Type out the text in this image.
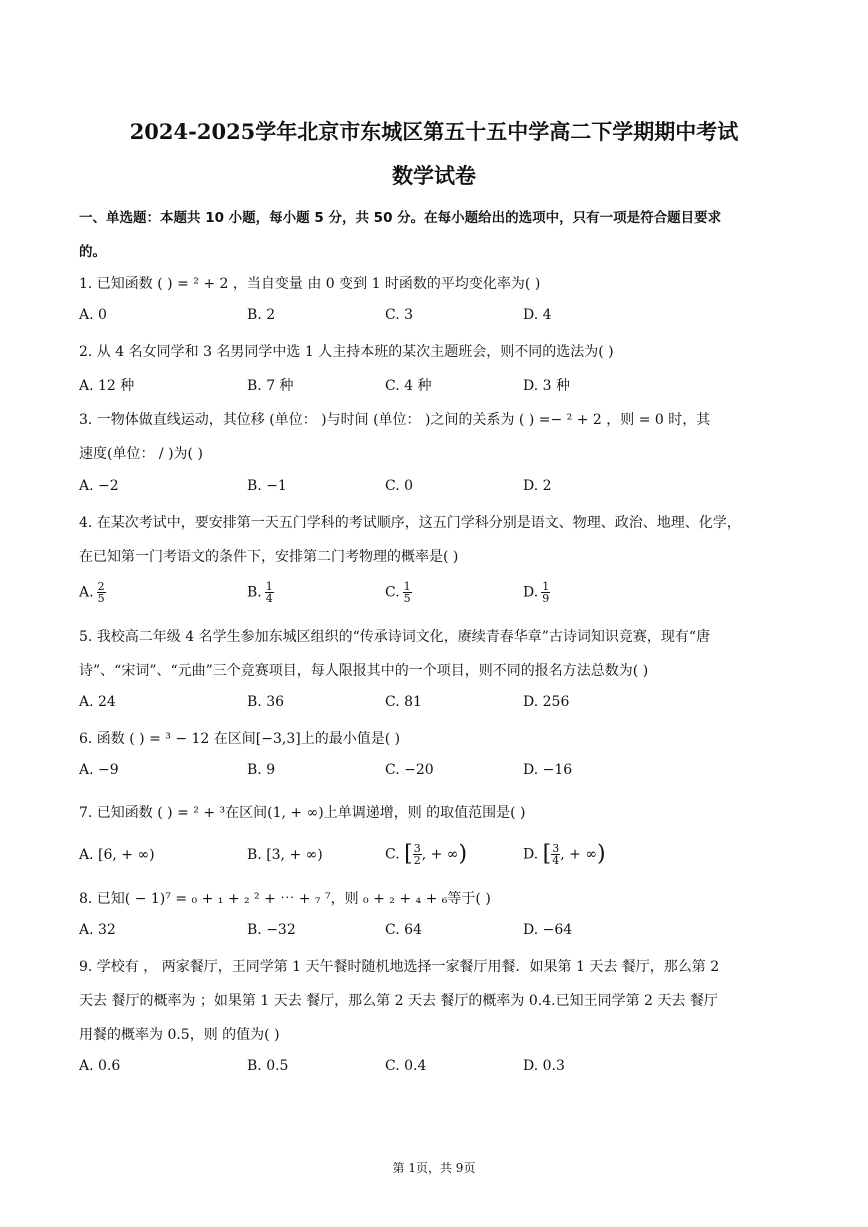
2024-2025学年北京市东城区第五十五中学高二下学期期中考试
数学试卷
一、单选题：本题共 10 小题，每小题 5 分，共 50 分。在每小题给出的选项中，只有一项是符合题目要求
的。
1. 已知函数 ( ) = ² + 2 ，当自变量 由 0 变到 1 时函数的平均变化率为( )
A. 0	B. 2	C. 3	D. 4
2. 从 4 名女同学和 3 名男同学中选 1 人主持本班的某次主题班会，则不同的选法为( )
A. 12 种	B. 7 种	C. 4 种	D. 3 种
3. 一物体做直线运动，其位移 (单位： )与时间 (单位： )之间的关系为 ( ) =− ² + 2 ，则 = 0 时，其
速度(单位： / )为( )
A. −2	B. −1	C. 0	D. 2
4. 在某次考试中，要安排第一天五门学科的考试顺序，这五门学科分别是语文、物理、政治、地理、化学，
在已知第一门考语文的条件下，安排第二门考物理的概率是( )
A. $\frac{2}{5}$	B. $\frac{1}{4}$	C. $\frac{1}{5}$	D. $\frac{1}{9}$
5. 我校高二年级 4 名学生参加东城区组织的“传承诗词文化，赓续青春华章”古诗词知识竞赛，现有“唐
诗”、“宋词”、“元曲”三个竞赛项目，每人限报其中的一个项目，则不同的报名方法总数为( )
A. 24	B. 36	C. 81	D. 256
6. 函数 ( ) = ³ − 12 在区间[−3,3]上的最小值是( )
A. −9	B. 9	C. −20	D. −16
7. 已知函数 ( ) = ² + ³在区间(1, + ∞)上单调递增，则 的取值范围是( )
A. [6, + ∞)	B. [3, + ∞)	C. [ $\frac{3}{2}$ , + ∞)	D. [ $\frac{3}{4}$ , + ∞)
8. 已知( − 1)⁷ = ₀ + ₁ + ₂ ² + ⋯ + ₇ ⁷，则 ₀ + ₂ + ₄ + ₆等于( )
A. 32	B. −32	C. 64	D. −64
9. 学校有 ， 两家餐厅，王同学第 1 天午餐时随机地选择一家餐厅用餐．如果第 1 天去 餐厅，那么第 2
天去 餐厅的概率为 ；如果第 1 天去 餐厅，那么第 2 天去 餐厅的概率为 0.4.已知王同学第 2 天去 餐厅
用餐的概率为 0.5，则 的值为( )
A. 0.6	B. 0.5	C. 0.4	D. 0.3
第 1页，共 9页
